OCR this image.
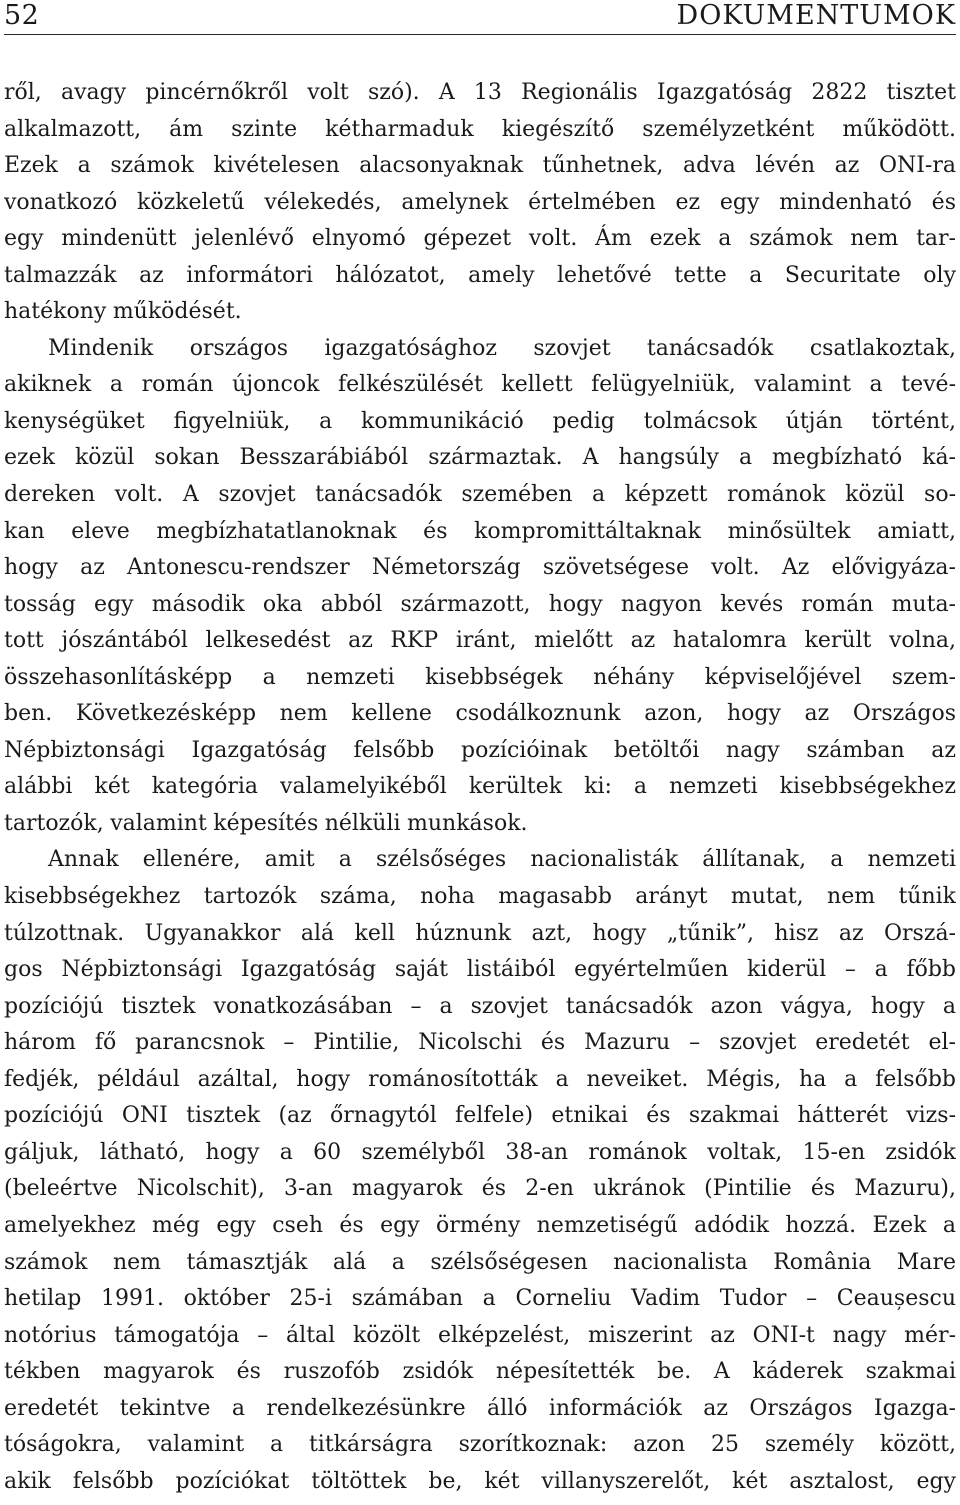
52	DOKUMENTUMOK
ről, avagy pincérnőkről volt szó). A 13 Regionális Igazgatóság 2822 tisztet
alkalmazott, ám szinte kétharmaduk kiegészítő személyzetként működött.
Ezek a számok kivételesen alacsonyaknak tűnhetnek, adva lévén az ONI-ra
vonatkozó közkeletű vélekedés, amelynek értelmében ez egy mindenható és
egy mindenütt jelenlévő elnyomó gépezet volt. Ám ezek a számok nem tar-
talmazzák az informátori hálózatot, amely lehetővé tette a Securitate oly
hatékony működését.
Mindenik országos igazgatósághoz szovjet tanácsadók csatlakoztak,
akiknek a román újoncok felkészülését kellett felügyelniük, valamint a tevé-
kenységüket figyelniük, a kommunikáció pedig tolmácsok útján történt,
ezek közül sokan Besszarábiából származtak. A hangsúly a megbízható ká-
dereken volt. A szovjet tanácsadók szemében a képzett románok közül so-
kan eleve megbízhatatlanoknak és kompromittáltaknak minősültek amiatt,
hogy az Antonescu-rendszer Németország szövetségese volt. Az elővigyáza-
tosság egy második oka abból származott, hogy nagyon kevés román muta-
tott jószántából lelkesedést az RKP iránt, mielőtt az hatalomra került volna,
összehasonlításképp a nemzeti kisebbségek néhány képviselőjével szem-
ben. Következésképp nem kellene csodálkoznunk azon, hogy az Országos
Népbiztonsági Igazgatóság felsőbb pozícióinak betöltői nagy számban az
alábbi két kategória valamelyikéből kerültek ki: a nemzeti kisebbségekhez
tartozók, valamint képesítés nélküli munkások.
Annak ellenére, amit a szélsőséges nacionalisták állítanak, a nemzeti
kisebbségekhez tartozók száma, noha magasabb arányt mutat, nem tűnik
túlzottnak. Ugyanakkor alá kell húznunk azt, hogy „tűnik”, hisz az Orszá-
gos Népbiztonsági Igazgatóság saját listáiból egyértelműen kiderül – a főbb
pozíciójú tisztek vonatkozásában – a szovjet tanácsadók azon vágya, hogy a
három fő parancsnok – Pintilie, Nicolschi és Mazuru – szovjet eredetét el-
fedjék, például azáltal, hogy románosították a neveiket. Mégis, ha a felsőbb
pozíciójú ONI tisztek (az őrnagytól felfele) etnikai és szakmai hátterét vizs-
gáljuk, látható, hogy a 60 személyből 38-an románok voltak, 15-en zsidók
(beleértve Nicolschit), 3-an magyarok és 2-en ukránok (Pintilie és Mazuru),
amelyekhez még egy cseh és egy örmény nemzetiségű adódik hozzá. Ezek a
számok nem támasztják alá a szélsőségesen nacionalista România Mare
hetilap 1991. október 25-i számában a Corneliu Vadim Tudor – Ceaușescu
notórius támogatója – által közölt elképzelést, miszerint az ONI-t nagy mér-
tékben magyarok és ruszofób zsidók népesítették be. A káderek szakmai
eredetét tekintve a rendelkezésünkre álló információk az Országos Igazga-
tóságokra, valamint a titkárságra szorítkoznak: azon 25 személy között,
akik felsőbb pozíciókat töltöttek be, két villanyszerelőt, két asztalost, egy
